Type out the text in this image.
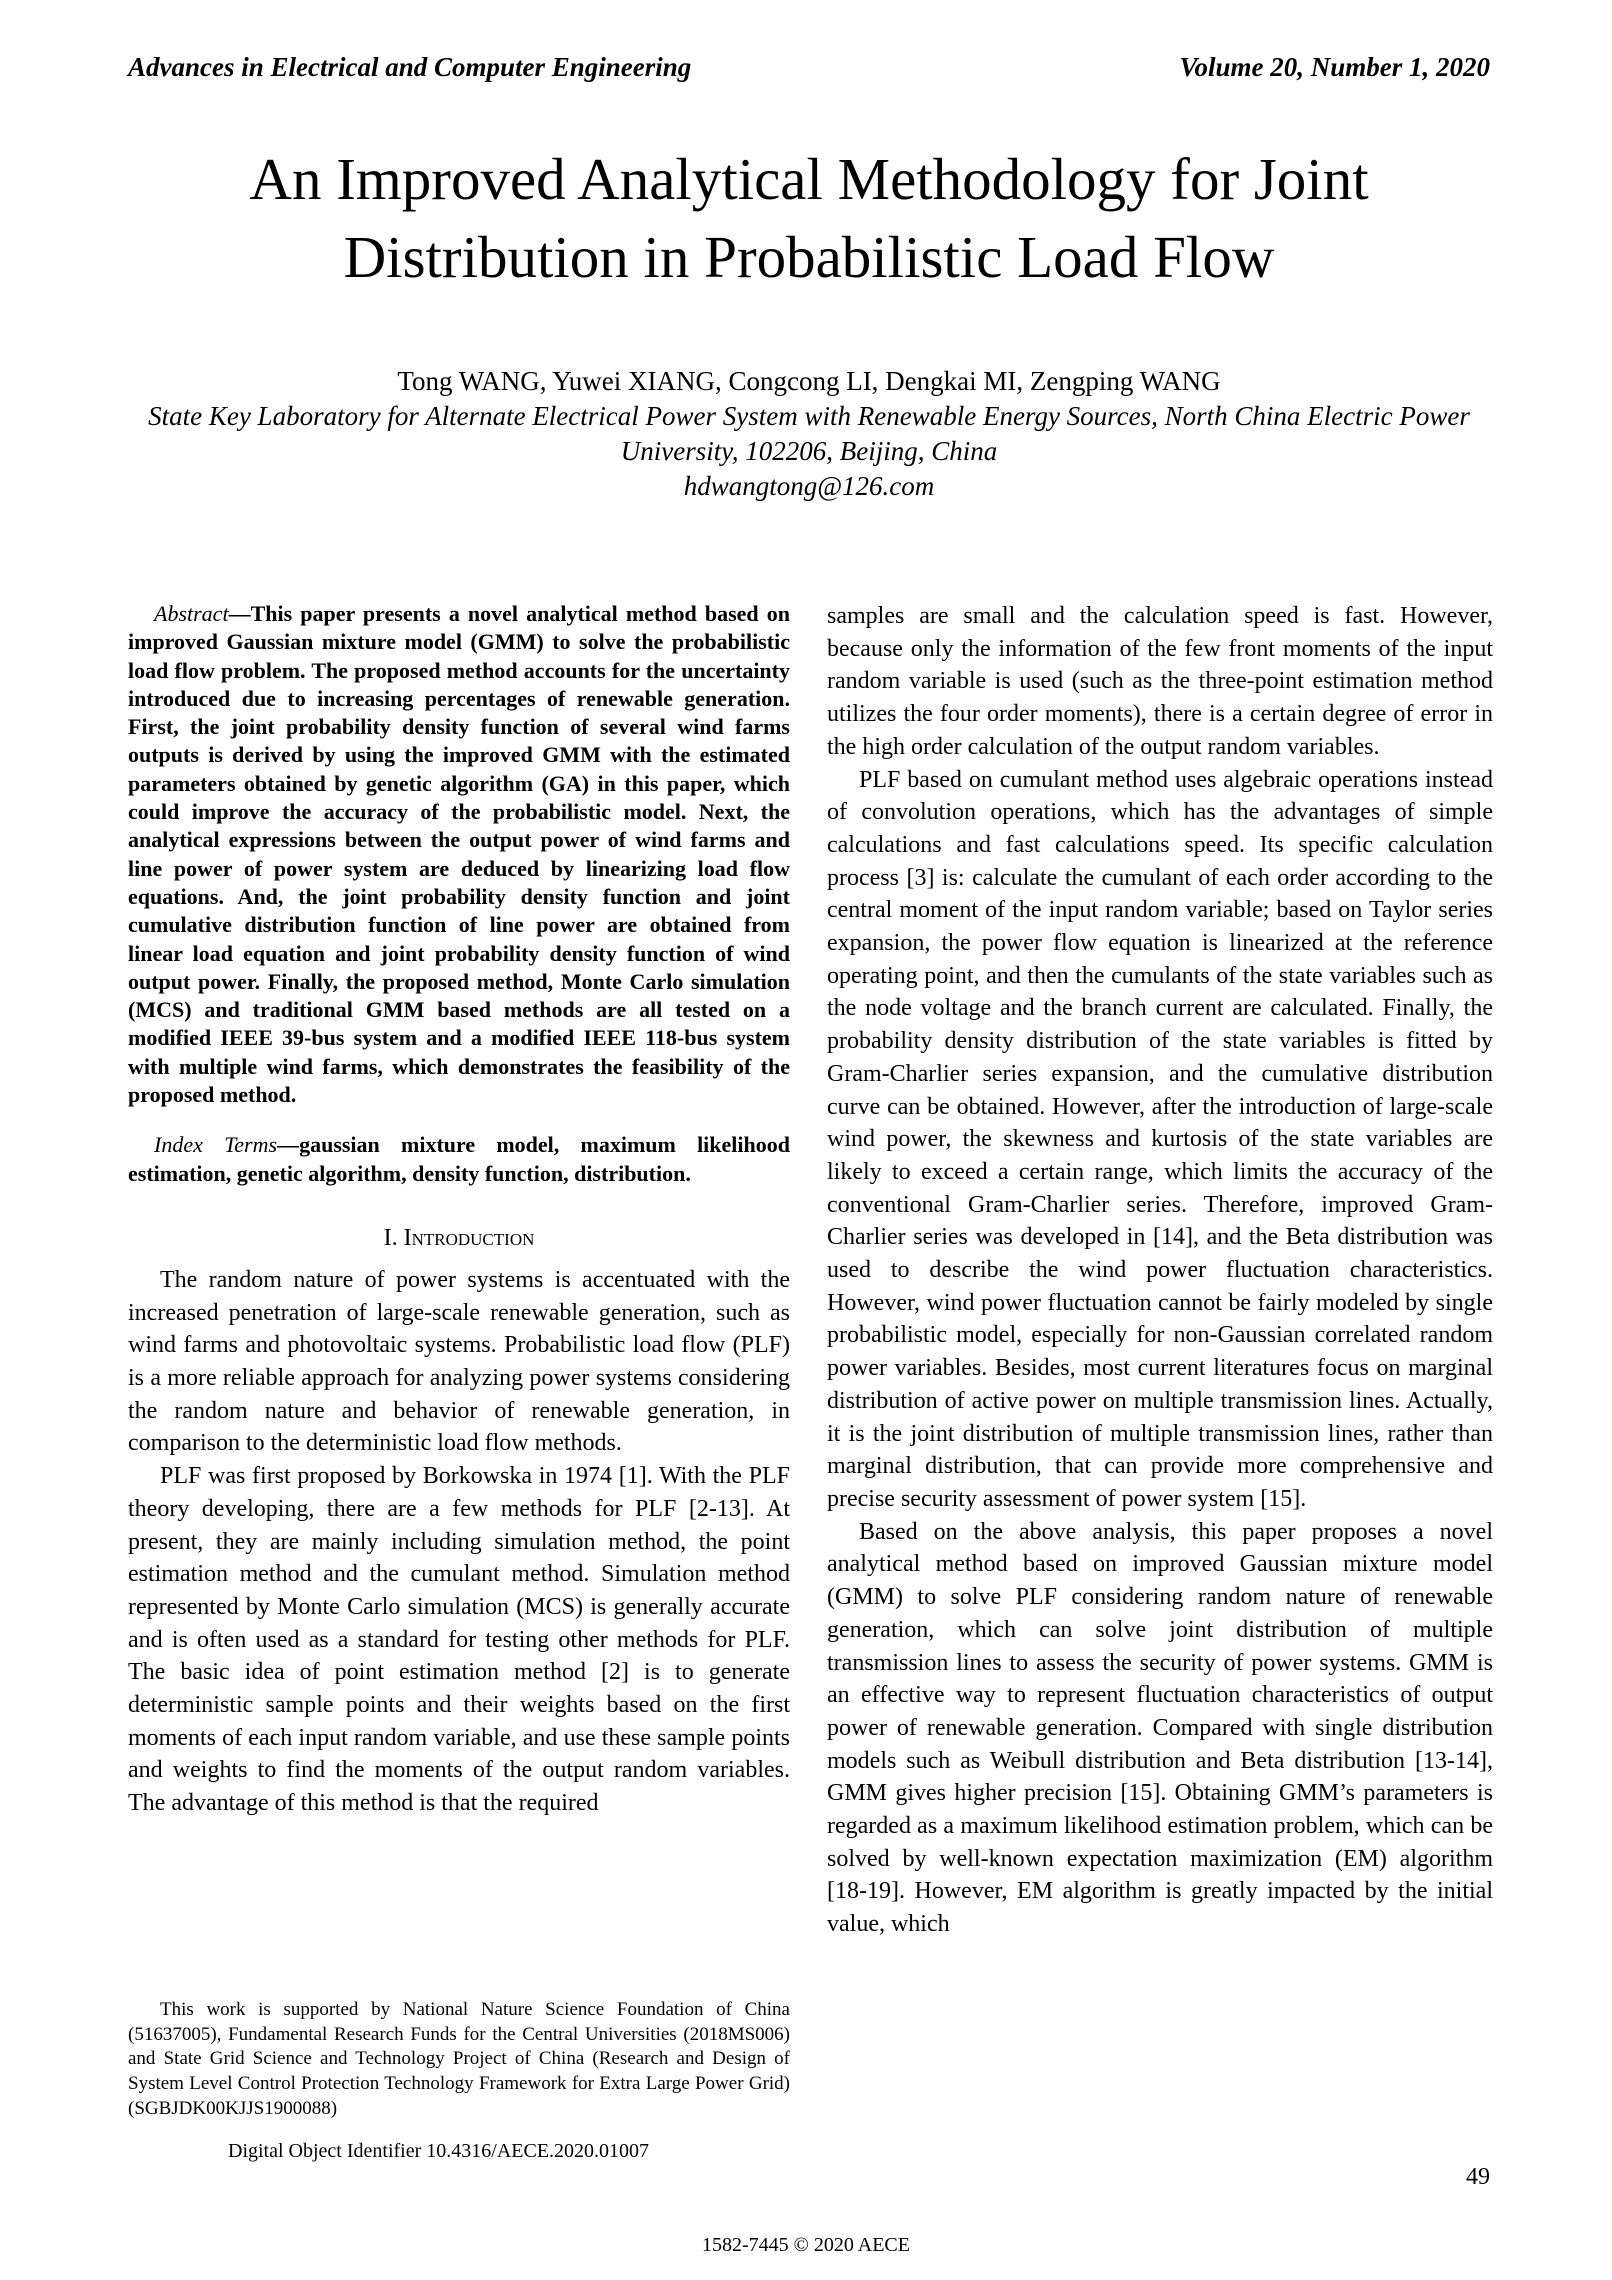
Advances in Electrical and Computer Engineering	Volume 20, Number 1, 2020
An Improved Analytical Methodology for Joint Distribution in Probabilistic Load Flow
Tong WANG, Yuwei XIANG, Congcong LI, Dengkai MI, Zengping WANG
State Key Laboratory for Alternate Electrical Power System with Renewable Energy Sources, North China Electric Power University, 102206, Beijing, China
hdwangtong@126.com

Abstract—This paper presents a novel analytical method based on improved Gaussian mixture model (GMM) to solve the probabilistic load flow problem. The proposed method accounts for the uncertainty introduced due to increasing percentages of renewable generation. First, the joint probability density function of several wind farms outputs is derived by using the improved GMM with the estimated parameters obtained by genetic algorithm (GA) in this paper, which could improve the accuracy of the probabilistic model. Next, the analytical expressions between the output power of wind farms and line power of power system are deduced by linearizing load flow equations. And, the joint probability density function and joint cumulative distribution function of line power are obtained from linear load equation and joint probability density function of wind output power. Finally, the proposed method, Monte Carlo simulation (MCS) and traditional GMM based methods are all tested on a modified IEEE 39-bus system and a modified IEEE 118-bus system with multiple wind farms, which demonstrates the feasibility of the proposed method.

Index Terms—gaussian mixture model, maximum likelihood estimation, genetic algorithm, density function, distribution.

I. Introduction

The random nature of power systems is accentuated with the increased penetration of large-scale renewable generation, such as wind farms and photovoltaic systems. Probabilistic load flow (PLF) is a more reliable approach for analyzing power systems considering the random nature and behavior of renewable generation, in comparison to the deterministic load flow methods.

PLF was first proposed by Borkowska in 1974 [1]. With the PLF theory developing, there are a few methods for PLF [2-13]. At present, they are mainly including simulation method, the point estimation method and the cumulant method. Simulation method represented by Monte Carlo simulation (MCS) is generally accurate and is often used as a standard for testing other methods for PLF. The basic idea of point estimation method [2] is to generate deterministic sample points and their weights based on the first moments of each input random variable, and use these sample points and weights to find the moments of the output random variables. The advantage of this method is that the required

samples are small and the calculation speed is fast. However, because only the information of the few front moments of the input random variable is used (such as the three-point estimation method utilizes the four order moments), there is a certain degree of error in the high order calculation of the output random variables.

PLF based on cumulant method uses algebraic operations instead of convolution operations, which has the advantages of simple calculations and fast calculations speed. Its specific calculation process [3] is: calculate the cumulant of each order according to the central moment of the input random variable; based on Taylor series expansion, the power flow equation is linearized at the reference operating point, and then the cumulants of the state variables such as the node voltage and the branch current are calculated. Finally, the probability density distribution of the state variables is fitted by Gram-Charlier series expansion, and the cumulative distribution curve can be obtained. However, after the introduction of large-scale wind power, the skewness and kurtosis of the state variables are likely to exceed a certain range, which limits the accuracy of the conventional Gram-Charlier series. Therefore, improved Gram-Charlier series was developed in [14], and the Beta distribution was used to describe the wind power fluctuation characteristics. However, wind power fluctuation cannot be fairly modeled by single probabilistic model, especially for non-Gaussian correlated random power variables. Besides, most current literatures focus on marginal distribution of active power on multiple transmission lines. Actually, it is the joint distribution of multiple transmission lines, rather than marginal distribution, that can provide more comprehensive and precise security assessment of power system [15].

Based on the above analysis, this paper proposes a novel analytical method based on improved Gaussian mixture model (GMM) to solve PLF considering random nature of renewable generation, which can solve joint distribution of multiple transmission lines to assess the security of power systems. GMM is an effective way to represent fluctuation characteristics of output power of renewable generation. Compared with single distribution models such as Weibull distribution and Beta distribution [13-14], GMM gives higher precision [15]. Obtaining GMM’s parameters is regarded as a maximum likelihood estimation problem, which can be solved by well-known expectation maximization (EM) algorithm [18-19]. However, EM algorithm is greatly impacted by the initial value, which

This work is supported by National Nature Science Foundation of China (51637005), Fundamental Research Funds for the Central Universities (2018MS006) and State Grid Science and Technology Project of China (Research and Design of System Level Control Protection Technology Framework for Extra Large Power Grid) (SGBJDK00KJJS1900088)
Digital Object Identifier 10.4316/AECE.2020.01007
49
1582-7445 © 2020 AECE
